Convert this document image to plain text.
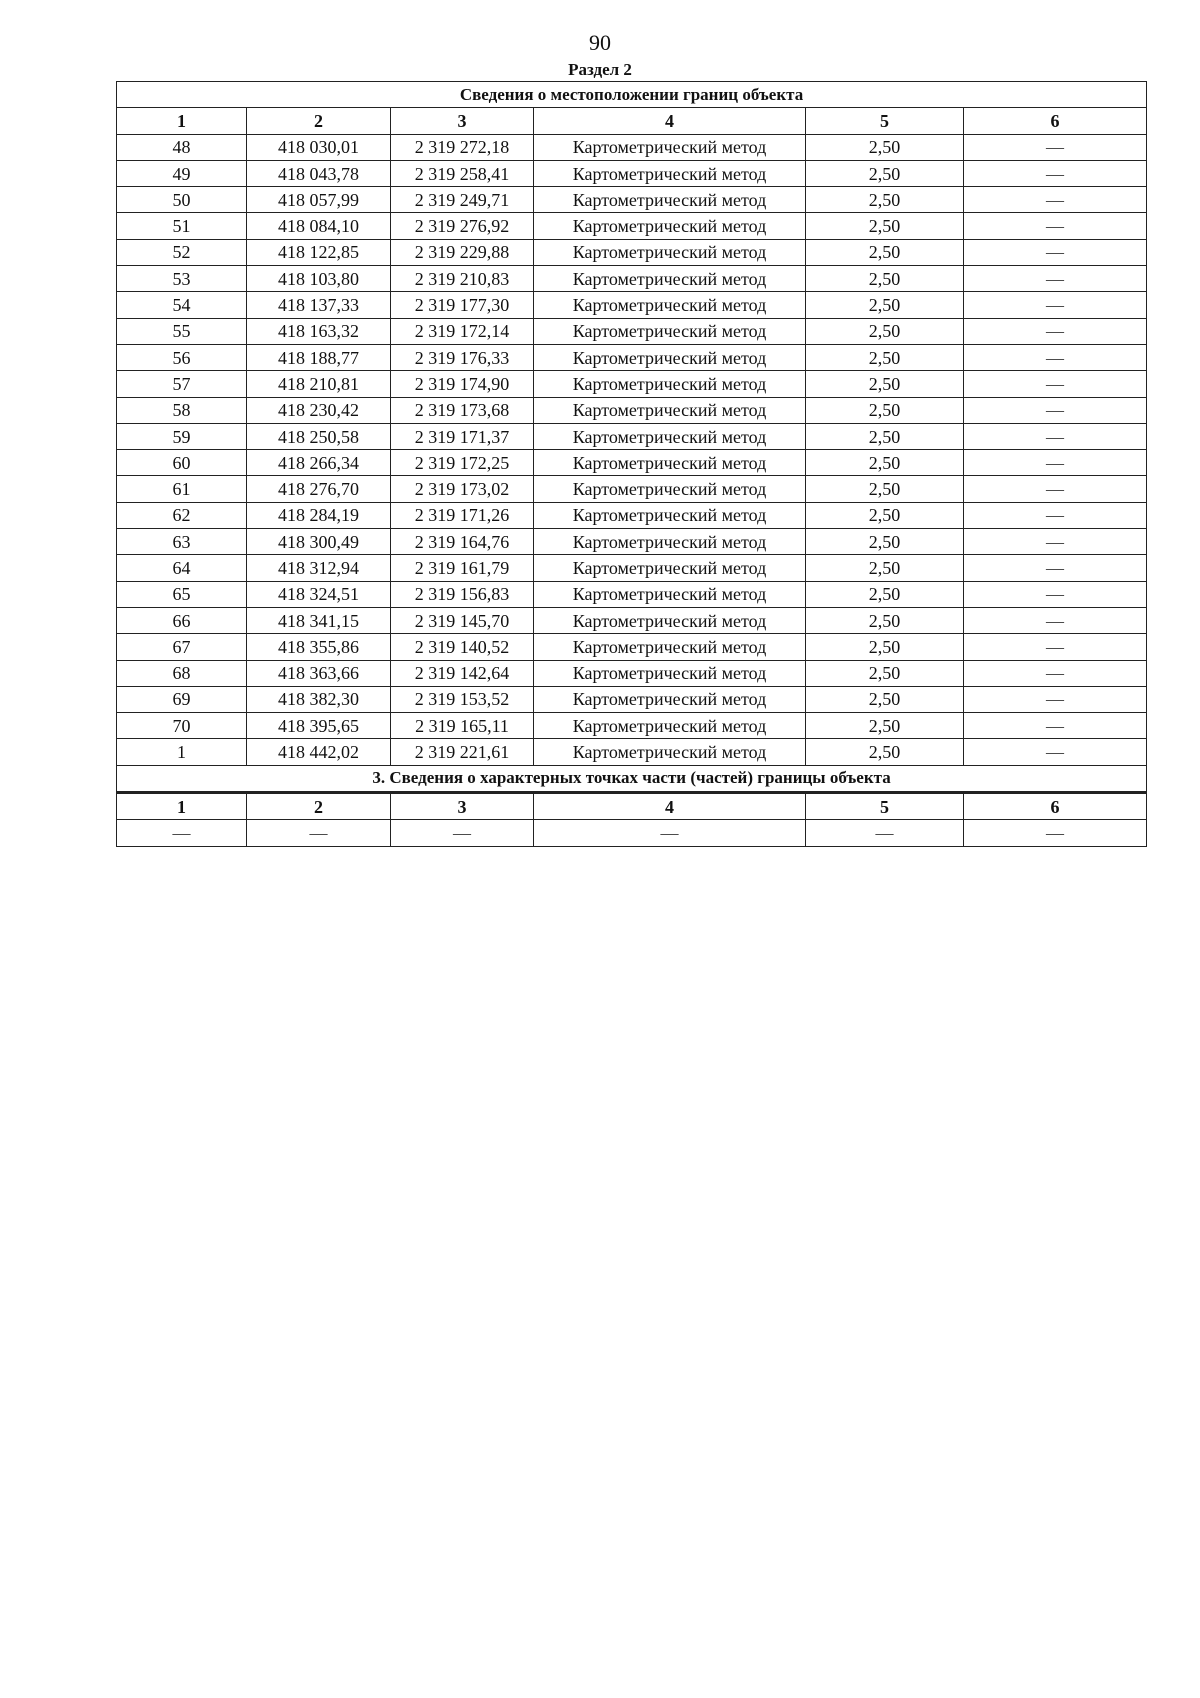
90
Раздел 2
Сведения о местоположении границ объекта					
1	2	3	4	5	6
48	418 030,01	2 319 272,18	Картометрический метод	2,50	—
49	418 043,78	2 319 258,41	Картометрический метод	2,50	—
50	418 057,99	2 319 249,71	Картометрический метод	2,50	—
51	418 084,10	2 319 276,92	Картометрический метод	2,50	—
52	418 122,85	2 319 229,88	Картометрический метод	2,50	—
53	418 103,80	2 319 210,83	Картометрический метод	2,50	—
54	418 137,33	2 319 177,30	Картометрический метод	2,50	—
55	418 163,32	2 319 172,14	Картометрический метод	2,50	—
56	418 188,77	2 319 176,33	Картометрический метод	2,50	—
57	418 210,81	2 319 174,90	Картометрический метод	2,50	—
58	418 230,42	2 319 173,68	Картометрический метод	2,50	—
59	418 250,58	2 319 171,37	Картометрический метод	2,50	—
60	418 266,34	2 319 172,25	Картометрический метод	2,50	—
61	418 276,70	2 319 173,02	Картометрический метод	2,50	—
62	418 284,19	2 319 171,26	Картометрический метод	2,50	—
63	418 300,49	2 319 164,76	Картометрический метод	2,50	—
64	418 312,94	2 319 161,79	Картометрический метод	2,50	—
65	418 324,51	2 319 156,83	Картометрический метод	2,50	—
66	418 341,15	2 319 145,70	Картометрический метод	2,50	—
67	418 355,86	2 319 140,52	Картометрический метод	2,50	—
68	418 363,66	2 319 142,64	Картометрический метод	2,50	—
69	418 382,30	2 319 153,52	Картометрический метод	2,50	—
70	418 395,65	2 319 165,11	Картометрический метод	2,50	—
1	418 442,02	2 319 221,61	Картометрический метод	2,50	—
3. Сведения о характерных точках части (частей) границы объекта					
1	2	3	4	5	6
—	—	—	—	—	—
